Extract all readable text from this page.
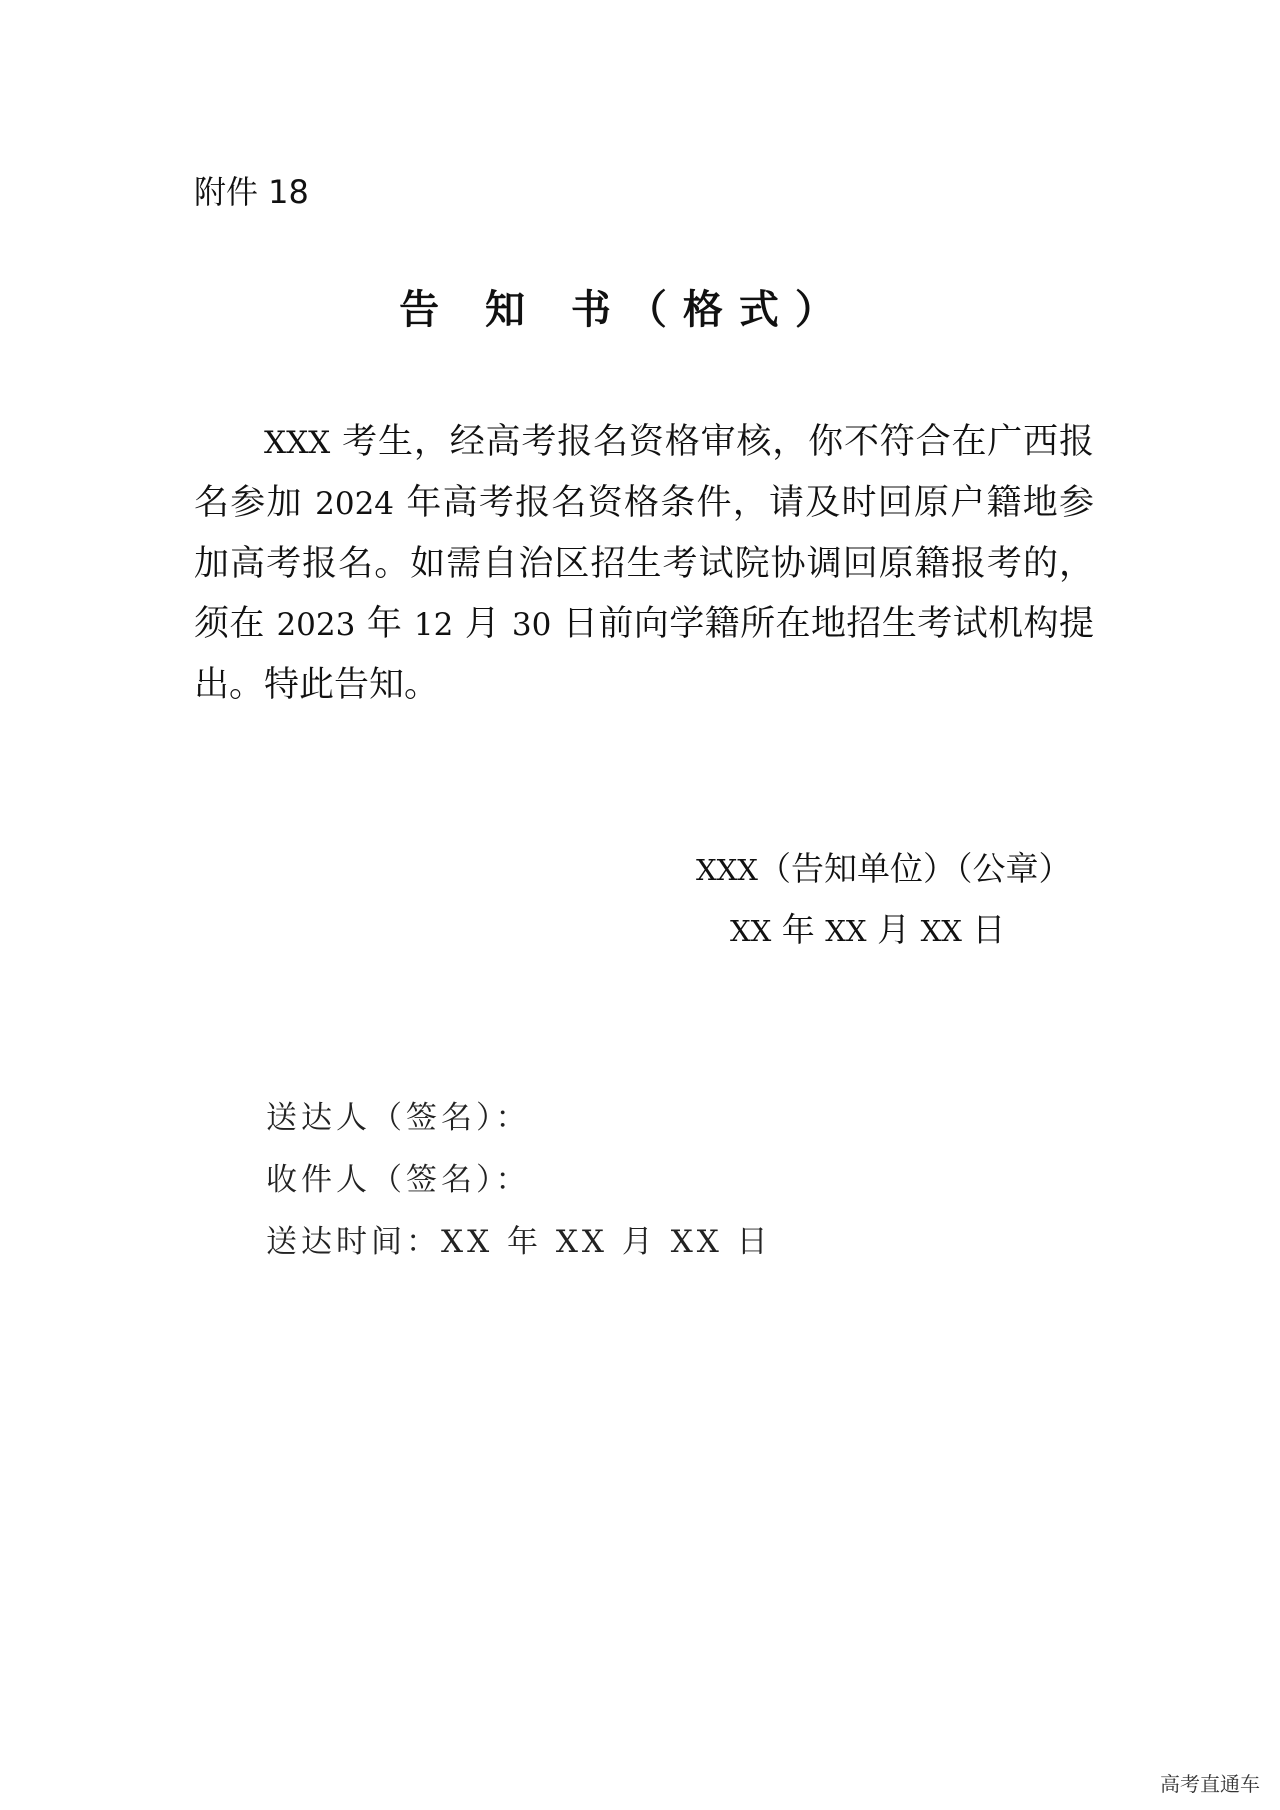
附件 18
告 知 书（格式）
XXX 考生，经高考报名资格审核，你不符合在广西报名参加 2024 年高考报名资格条件，请及时回原户籍地参加高考报名。如需自治区招生考试院协调回原籍报考的，须在 2023 年 12 月 30 日前向学籍所在地招生考试机构提出。特此告知。
XXX（告知单位）（公章）
XX 年 XX 月 XX 日
送达人（签名）：
收件人（签名）：
送达时间：XX 年 XX 月 XX 日
高考直通车
